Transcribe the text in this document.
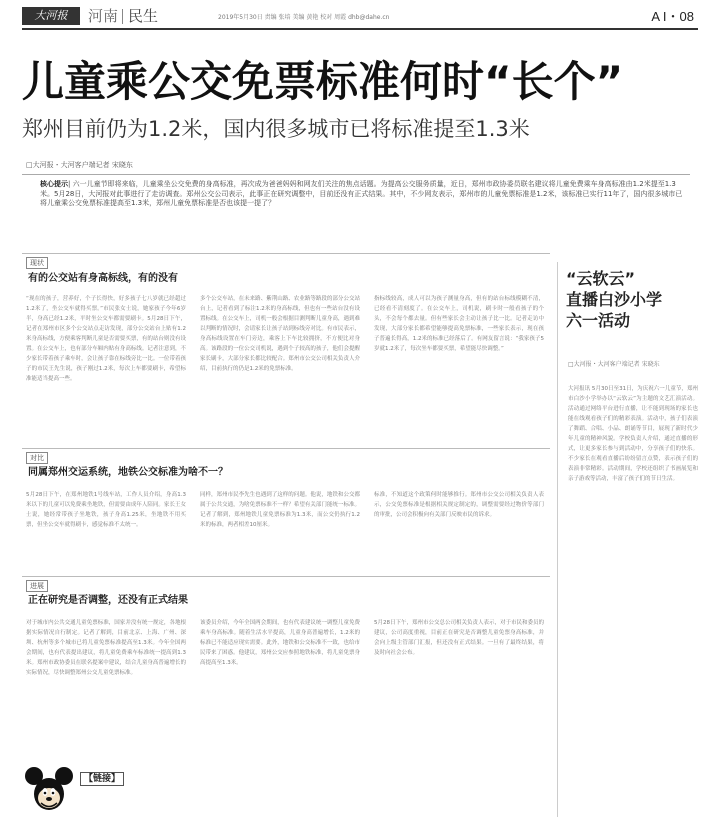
大河报	河南 民生	2019年5月30日 责编 张培 美编 黄艳 校对 周霞 dhb@dahe.cn	A I・08
儿童乘公交免票标准何时“长个”
郑州目前仍为1.2米，国内很多城市已将标准提至1.3米
□大河报・大河客户端记者 宋晓东
核心提示| 六一儿童节即将来临，儿童乘坐公交免费的身高标准，再次成为爸爸妈妈和网友们关注的焦点话题。为提高公交服务质量，近日，郑州市政协委员联名建议将儿童免费乘车身高标准由1.2米提至1.3米。5月28日，大河报对此事进行了走访调查。郑州公交公司表示，此事正在研究调整中，目前还没有正式结果。其中，不少网友表示，郑州市的儿童免票标准是1.2米，该标准已实行11年了，国内很多城市已将儿童乘公交免票标准提高至1.3米，郑州儿童免票标准是否也该提一提了？
现状
有的公交站有身高标线，有的没有
“现在的孩子，营养好，个子长得快，好多孩子七八岁就已经超过1.2米了，坐公交车就得买票。”市民张女士说，她家孩子今年6岁半，身高已经1.2米，平时坐公交车都需要刷卡。5月28日下午，记者在郑州市区多个公交站点走访发现，部分公交站台上贴有1.2米身高标线，方便乘客判断儿童是否需要买票，有的站台则没有设置。在公交车上，也有部分车厢内贴有身高标线。记者注意到，不少家长带着孩子乘车时，会让孩子靠在标线旁比一比。一位带着孩子的市民王先生说，孩子刚过1.2米，每次上车都要刷卡，希望标准能适当提高一些。
多个公交车站，在未来路、紫荆山路、农业路等路段的部分公交站台上，记者看到了标注1.2米的身高标线，但也有一些站台没有设置标线。在公交车上，司机一般会根据目测判断儿童身高，遇到难以判断的情况时，会请家长让孩子站到标线旁对比。有市民表示，身高标线设置在车门旁边，乘客上下车比较拥挤，不方便比对身高。该路段的一位公交司机说，遇到个子较高的孩子，他们会提醒家长刷卡，大部分家长都比较配合。郑州市公交公司相关负责人介绍，目前执行的仍是1.2米的免票标准。
指标线较高，成人可以为孩子测量身高，但有的站台标线模糊不清，已经看不清刻度了。在公交车上，司机说，刷卡时一般看孩子的个头，不会每个都去量。但有些家长会主动让孩子比一比。记者走访中发现，大部分家长都希望能够提高免票标准，一些家长表示，现在孩子普遍长得高，1.2米的标准已经落后了。有网友留言说：“我家孩子5岁就1.2米了，每次坐车都要买票，希望能尽快调整。”
对比
同属郑州交运系统，地铁公交标准为啥不一？
5月28日下午，在郑州地铁1号线车站，工作人员介绍，身高1.3米以下的儿童可以免费乘坐地铁，但需要由成年人陪同。家长王女士说，她经常带孩子坐地铁，孩子身高1.25米，坐地铁不用买票，但坐公交车就得刷卡，感觉标准不太统一。
同样，郑州市民李先生也遇到了这样的问题。他说，地铁和公交都属于公共交通，为啥免票标准不一样？希望有关部门能统一标准。记者了解到，郑州地铁儿童免票标准为1.3米，而公交仍执行1.2米的标准，两者相差10厘米。
标准，不知道这个政策何时能够推行。郑州市公交公司相关负责人表示，公交免票标准是根据相关规定制定的，调整需要经过物价等部门的审批，公司会积极向有关部门反映市民的诉求。
进展
正在研究是否调整，还没有正式结果
对于城市内公共交通儿童免票标准，国家并没有统一规定，各地根据实际情况自行制定。记者了解到，目前北京、上海、广州、深圳、杭州等多个城市已将儿童免票标准提高至1.3米。今年全国两会期间，也有代表提出建议，将儿童免费乘车标准统一提高到1.3米。郑州市政协委员在联名提案中建议，结合儿童身高普遍增长的实际情况，尽快调整郑州公交儿童免票标准。
该委员介绍，今年全国两会期间，也有代表建议统一调整儿童免费乘车身高标准。随着生活水平提高，儿童身高普遍增长，1.2米的标准已不能适应现实需要。此外，地铁和公交标准不一致，也给市民带来了困惑。他建议，郑州公交应参照地铁标准，将儿童免票身高提高至1.3米。
5月28日下午，郑州市公交总公司相关负责人表示，对于市民和委员的建议，公司高度重视，目前正在研究是否调整儿童免票身高标准，并会向上级主管部门汇报，但还没有正式结果。一旦有了最终结果，将及时向社会公布。
“云软云”
直播白沙小学
六一活动
□大河报・大河客户端记者 宋晓东
大河报讯 5月30日至31日，为庆祝六一儿童节，郑州市白沙小学举办以“云软云”为主题的文艺汇演活动。活动通过网络平台进行直播，让不能到现场的家长也能在线观看孩子们的精彩表演。活动中，孩子们表演了舞蹈、合唱、小品、朗诵等节目，展现了新时代少年儿童的精神风貌。学校负责人介绍，通过直播的形式，让更多家长参与到活动中，分享孩子们的快乐。不少家长在观看直播后纷纷留言点赞，表示孩子们的表演非常精彩。活动期间，学校还组织了书画展览和亲子游戏等活动，丰富了孩子们的节日生活。
【链接】
